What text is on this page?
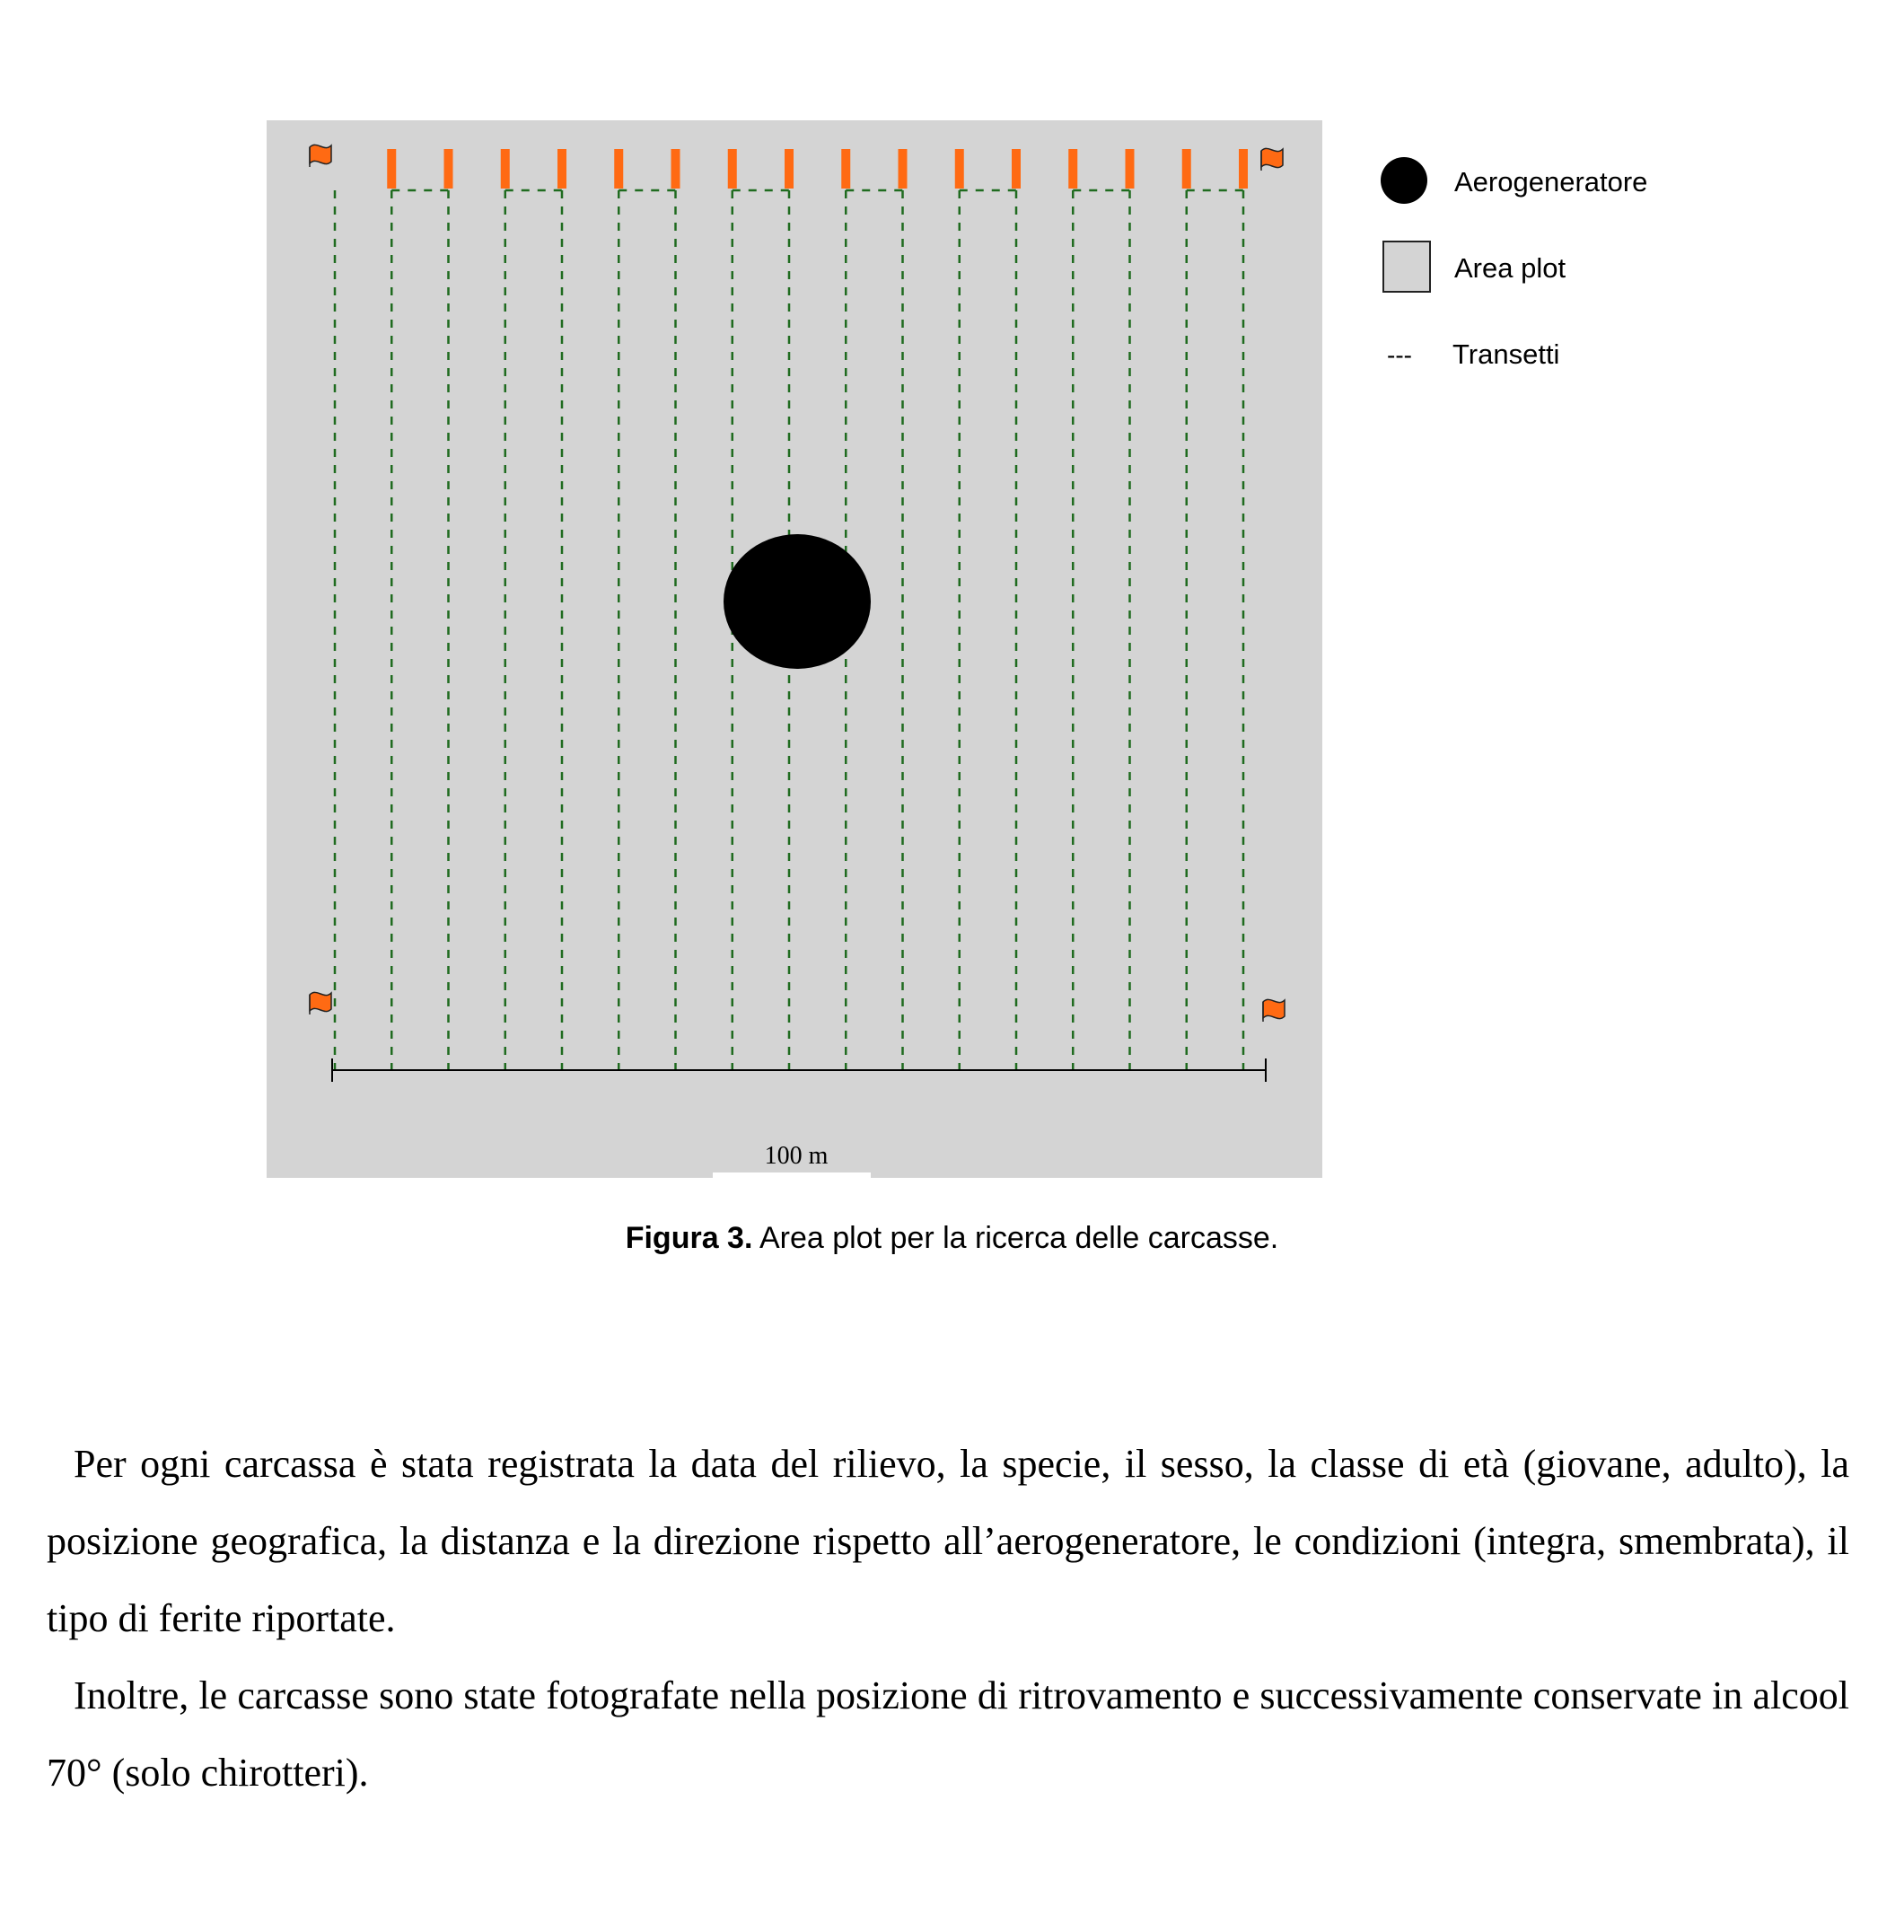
100 m
Aerogeneratore
Area plot
--- Transetti
Figura 3. Area plot per la ricerca delle carcasse.
Per ogni carcassa è stata registrata la data del rilievo, la specie, il sesso, la classe di età (giovane, adulto), la posizione geografica, la distanza e la direzione rispetto all’aerogeneratore, le condizioni (integra, smembrata), il tipo di ferite riportate.
Inoltre, le carcasse sono state fotografate nella posizione di ritrovamento e successivamente conservate in alcool 70° (solo chirotteri).
